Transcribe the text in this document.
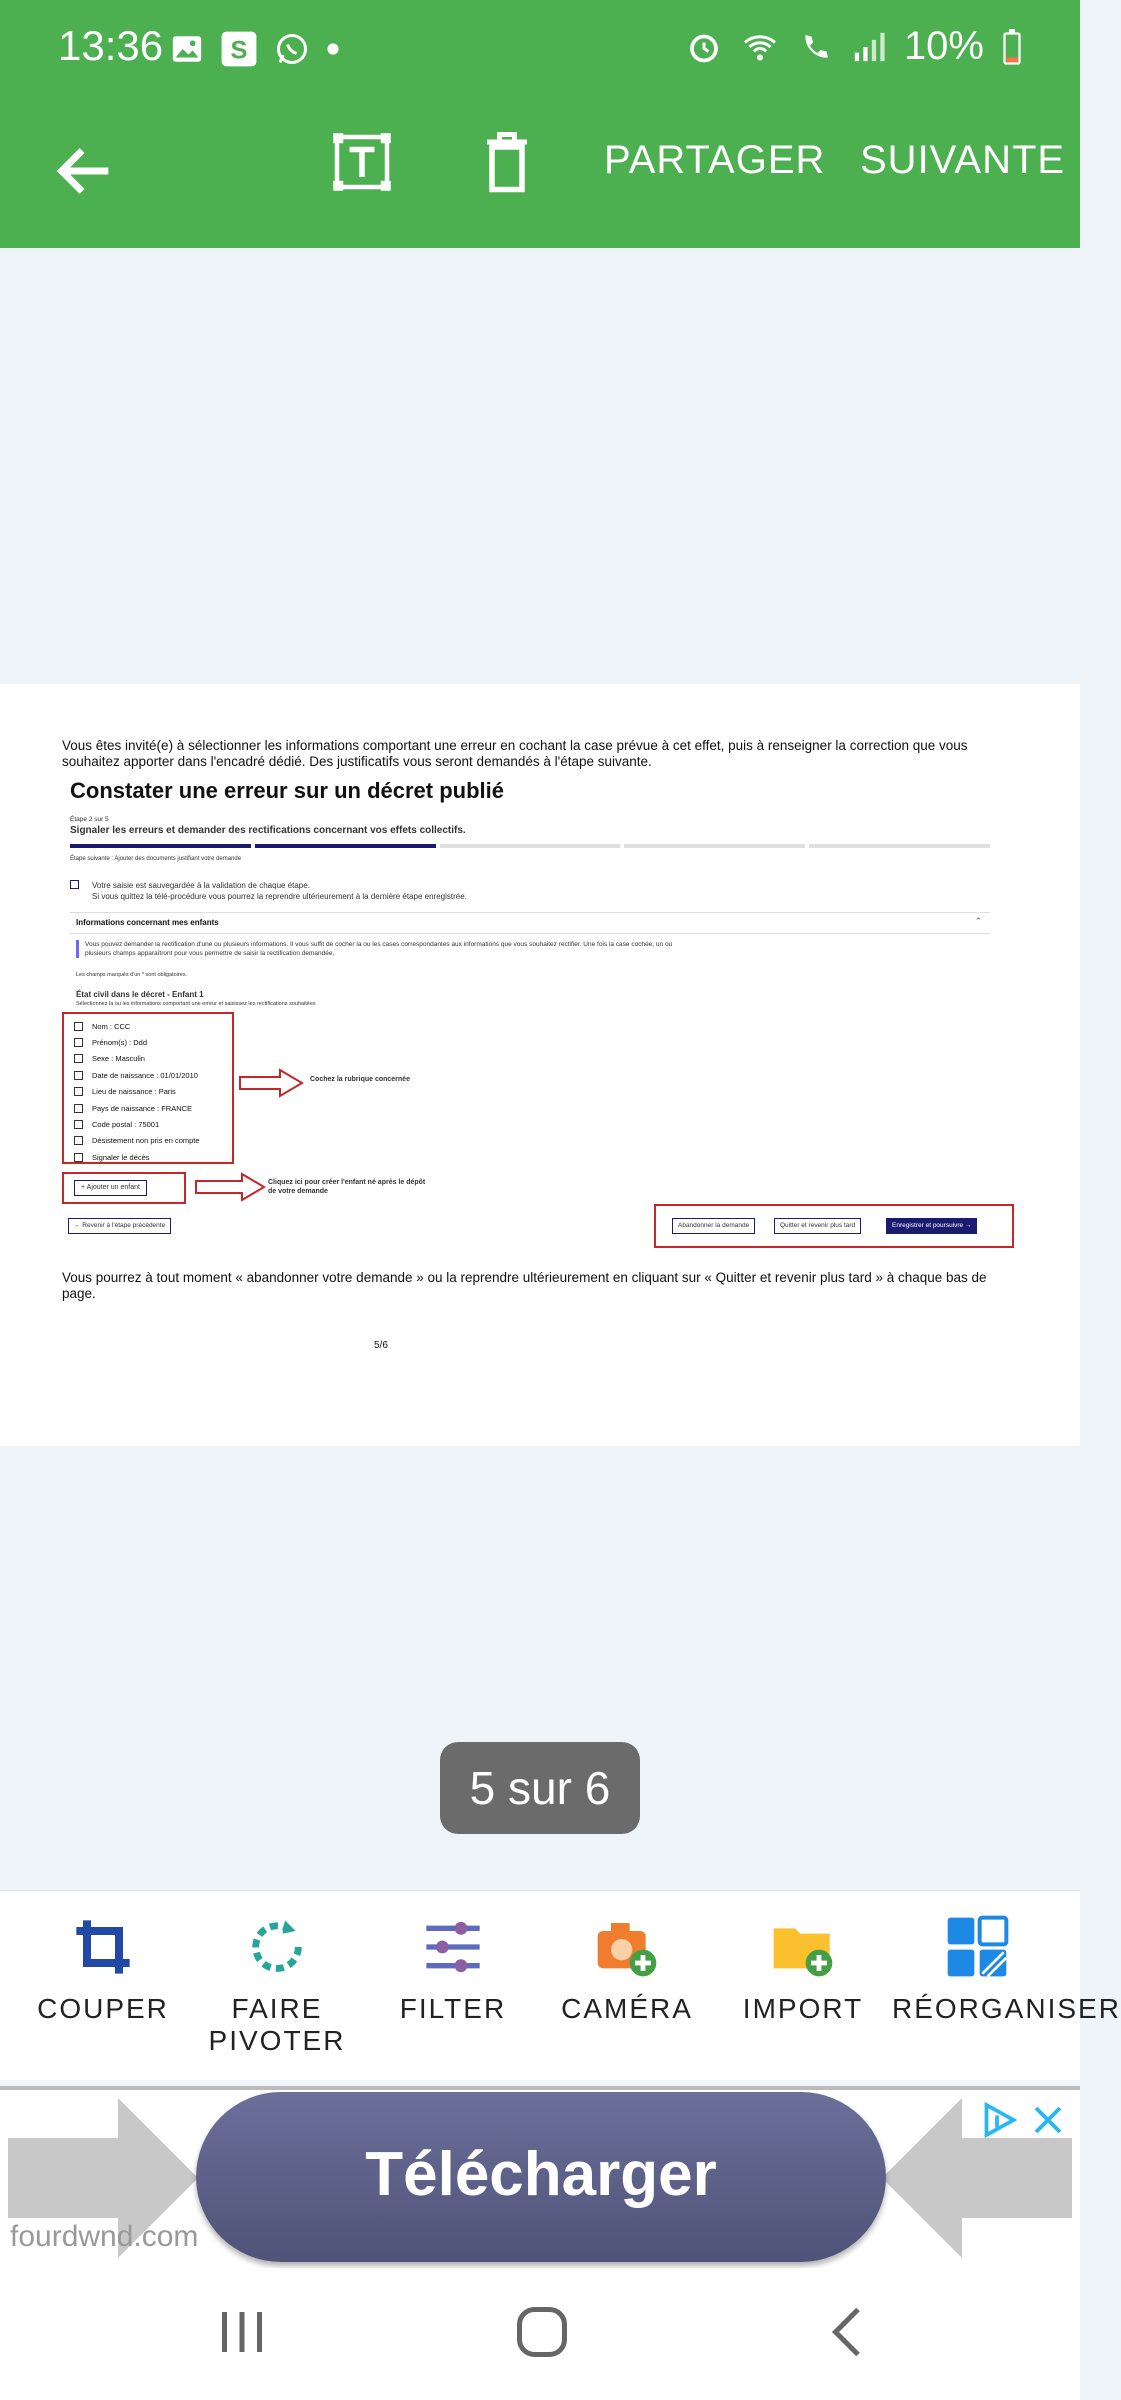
13:36	S	10%
PARTAGER SUIVANTE
Vous êtes invité(e) à sélectionner les informations comportant une erreur en cochant la case prévue à cet effet, puis à renseigner la correction que vous souhaitez apporter dans l'encadré dédié. Des justificatifs vous seront demandés à l'étape suivante.
Constater une erreur sur un décret publié
Étape 2 sur 5
Signaler les erreurs et demander des rectifications concernant vos effets collectifs.
Étape suivante : Ajouter des documents justifiant votre demande
Votre saisie est sauvegardée à la validation de chaque étape.
Si vous quittez la télé-procédure vous pourrez la reprendre ultérieurement à la dernière étape enregistrée.
Informations concernant mes enfants	⌃
Vous pouvez demander la rectification d'une ou plusieurs informations. Il vous suffit de cocher la ou les cases correspondantes aux informations que vous souhaitez rectifier. Une fois la case cochée, un ou plusieurs champs apparaîtront pour vous permettre de saisir la rectification demandée.
Les champs marqués d'un * sont obligatoires.
État civil dans le décret - Enfant 1
Sélectionnez la ou les informations comportant une erreur et saisissez les rectifications souhaitées
Nom : CCC
Prénom(s) : Ddd
Sexe : Masculin
Date de naissance : 01/01/2010
Lieu de naissance : Paris
Pays de naissance : FRANCE
Code postal : 75001
Désistement non pris en compte
Signaler le décès
Cochez la rubrique concernée
+ Ajouter un enfant
Cliquez ici pour créer l'enfant né après le dépôt
de votre demande
← Revenir à l'étape précédente	Abandonner la demande	Quitter et revenir plus tard	Enregistrer et poursuivre →
Vous pourrez à tout moment « abandonner votre demande » ou la reprendre ultérieurement en cliquant sur « Quitter et revenir plus tard » à chaque bas de page.
5/6
5 sur 6
COUPER	FAIRE PIVOTER
FILTER	CAMÉRA	IMPORT	RÉORGANISER
Télécharger
fourdwnd.com
